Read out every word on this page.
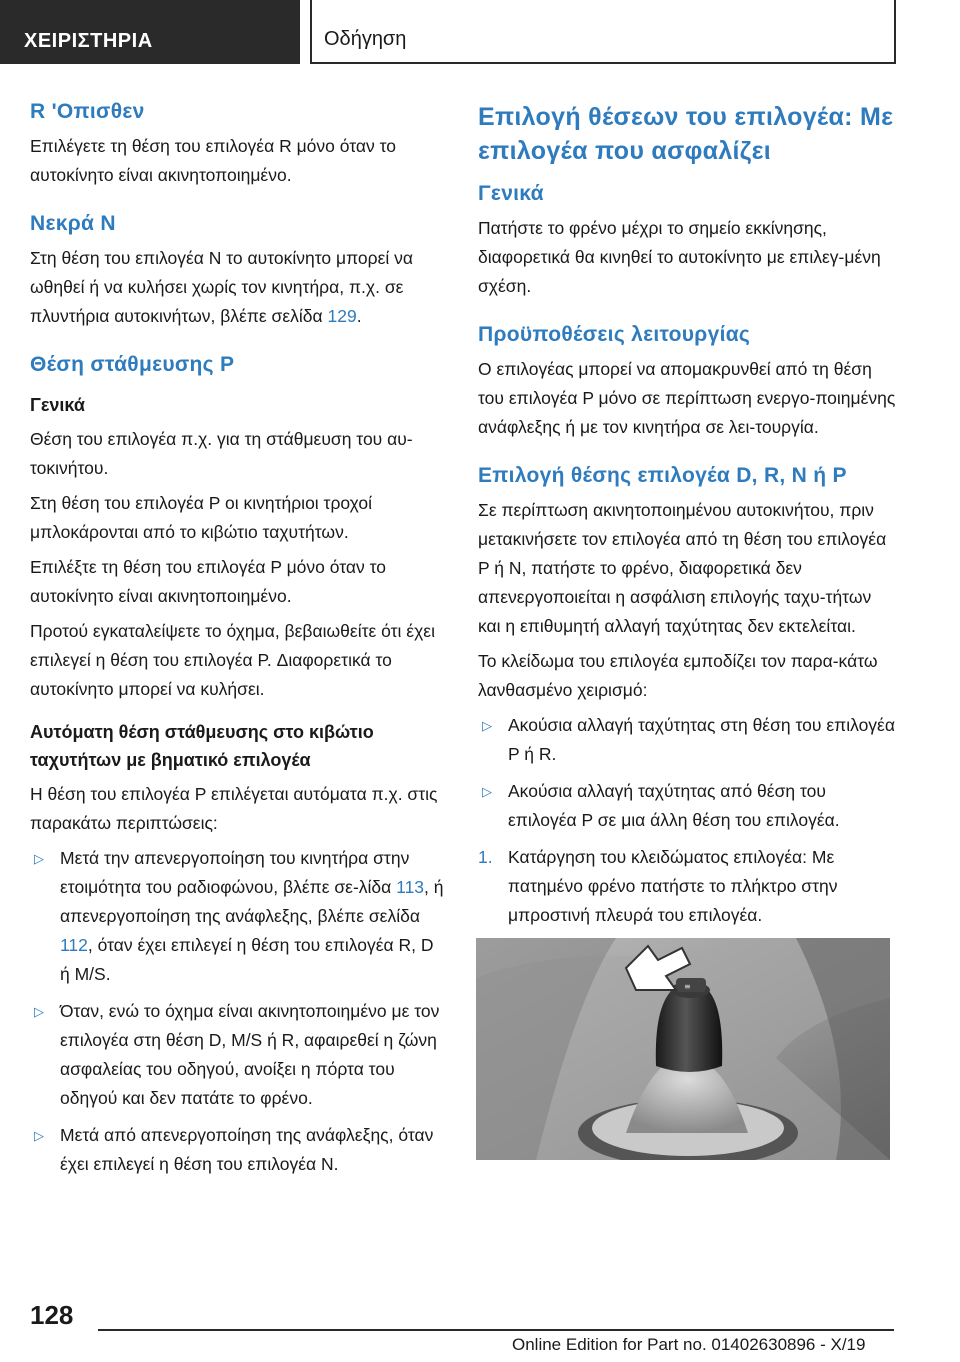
ΧΕΙΡΙΣΤΗΡΙΑ	Οδήγηση
R 'Οπισθεν

Επιλέγετε τη θέση του επιλογέα R μόνο όταν το αυτοκίνητο είναι ακινητοποιημένο.

Νεκρά N

Στη θέση του επιλογέα N το αυτοκίνητο μπορεί να ωθηθεί ή να κυλήσει χωρίς τον κινητήρα, π.χ. σε πλυντήρια αυτοκινήτων, βλέπε σελίδα 129.

Θέση στάθμευσης P
Γενικά

Θέση του επιλογέα π.χ. για τη στάθμευση του αυ-τοκινήτου.

Στη θέση του επιλογέα P οι κινητήριοι τροχοί μπλοκάρονται από το κιβώτιο ταχυτήτων.

Επιλέξτε τη θέση του επιλογέα P μόνο όταν το αυτοκίνητο είναι ακινητοποιημένο.

Προτού εγκαταλείψετε το όχημα, βεβαιωθείτε ότι έχει επιλεγεί η θέση του επιλογέα P. Διαφορετικά το αυτοκίνητο μπορεί να κυλήσει.

Αυτόματη θέση στάθμευσης στο κιβώτιο ταχυτήτων με βηματικό επιλογέα

Η θέση του επιλογέα P επιλέγεται αυτόματα π.χ. στις παρακάτω περιπτώσεις:

▷ Μετά την απενεργοποίηση του κινητήρα στην ετοιμότητα του ραδιοφώνου, βλέπε σε-λίδα 113, ή απενεργοποίηση της ανάφλεξης, βλέπε σελίδα 112, όταν έχει επιλεγεί η θέση του επιλογέα R, D ή M/S.
▷ Όταν, ενώ το όχημα είναι ακινητοποιημένο με τον επιλογέα στη θέση D, M/S ή R, αφαιρεθεί η ζώνη ασφαλείας του οδηγού, ανοίξει η πόρτα του οδηγού και δεν πατάτε το φρένο.
▷ Μετά από απενεργοποίηση της ανάφλεξης, όταν έχει επιλεγεί η θέση του επιλογέα N.
Επιλογή θέσεων του επιλογέα: Με επιλογέα που ασφαλίζει
Γενικά

Πατήστε το φρένο μέχρι το σημείο εκκίνησης, διαφορετικά θα κινηθεί το αυτοκίνητο με επιλεγ-μένη σχέση.

Προϋποθέσεις λειτουργίας

Ο επιλογέας μπορεί να απομακρυνθεί από τη θέση του επιλογέα P μόνο σε περίπτωση ενεργο-ποιημένης ανάφλεξης ή με τον κινητήρα σε λει-τουργία.

Επιλογή θέσης επιλογέα D, R, N ή P

Σε περίπτωση ακινητοποιημένου αυτοκινήτου, πριν μετακινήσετε τον επιλογέα από τη θέση του επιλογέα P ή N, πατήστε το φρένο, διαφορετικά δεν απενεργοποιείται η ασφάλιση επιλογής ταχυ-τήτων και η επιθυμητή αλλαγή ταχύτητας δεν εκτελείται.

Το κλείδωμα του επιλογέα εμποδίζει τον παρα-κάτω λανθασμένο χειρισμό:

▷ Ακούσια αλλαγή ταχύτητας στη θέση του επιλογέα P ή R.
▷ Ακούσια αλλαγή ταχύτητας από θέση του επιλογέα P σε μια άλλη θέση του επιλογέα.
1. Κατάργηση του κλειδώματος επιλογέα: Με πατημένο φρένο πατήστε το πλήκτρο στην μπροστινή πλευρά του επιλογέα.
≡
128
Online Edition for Part no. 01402630896 - X/19
